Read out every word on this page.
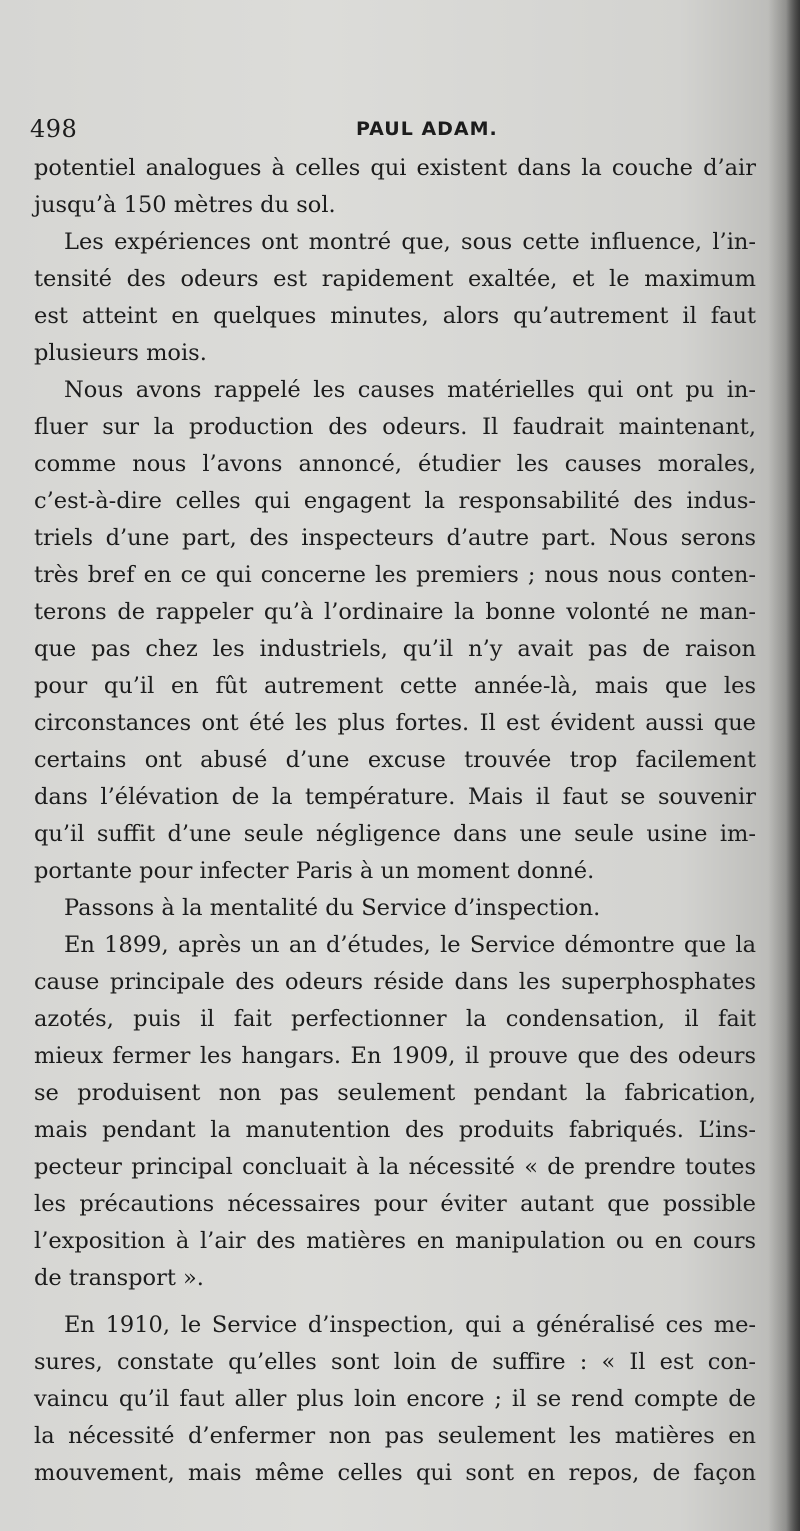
498	PAUL ADAM.
potentiel analogues à celles qui existent dans la couche d’air
jusqu’à 150 mètres du sol.
Les expériences ont montré que, sous cette influence, l’in-
tensité des odeurs est rapidement exaltée, et le maximum
est atteint en quelques minutes, alors qu’autrement il faut
plusieurs mois.
Nous avons rappelé les causes matérielles qui ont pu in-
fluer sur la production des odeurs. Il faudrait maintenant,
comme nous l’avons annoncé, étudier les causes morales,
c’est-à-dire celles qui engagent la responsabilité des indus-
triels d’une part, des inspecteurs d’autre part. Nous serons
très bref en ce qui concerne les premiers ; nous nous conten-
terons de rappeler qu’à l’ordinaire la bonne volonté ne man-
que pas chez les industriels, qu’il n’y avait pas de raison
pour qu’il en fût autrement cette année-là, mais que les
circonstances ont été les plus fortes. Il est évident aussi que
certains ont abusé d’une excuse trouvée trop facilement
dans l’élévation de la température. Mais il faut se souvenir
qu’il suffit d’une seule négligence dans une seule usine im-
portante pour infecter Paris à un moment donné.
Passons à la mentalité du Service d’inspection.
En 1899, après un an d’études, le Service démontre que la
cause principale des odeurs réside dans les superphosphates
azotés, puis il fait perfectionner la condensation, il fait
mieux fermer les hangars. En 1909, il prouve que des odeurs
se produisent non pas seulement pendant la fabrication,
mais pendant la manutention des produits fabriqués. L’ins-
pecteur principal concluait à la nécessité « de prendre toutes
les précautions nécessaires pour éviter autant que possible
l’exposition à l’air des matières en manipulation ou en cours
de transport ».
En 1910, le Service d’inspection, qui a généralisé ces me-
sures, constate qu’elles sont loin de suffire : « Il est con-
vaincu qu’il faut aller plus loin encore ; il se rend compte de
la nécessité d’enfermer non pas seulement les matières en
mouvement, mais même celles qui sont en repos, de façon
